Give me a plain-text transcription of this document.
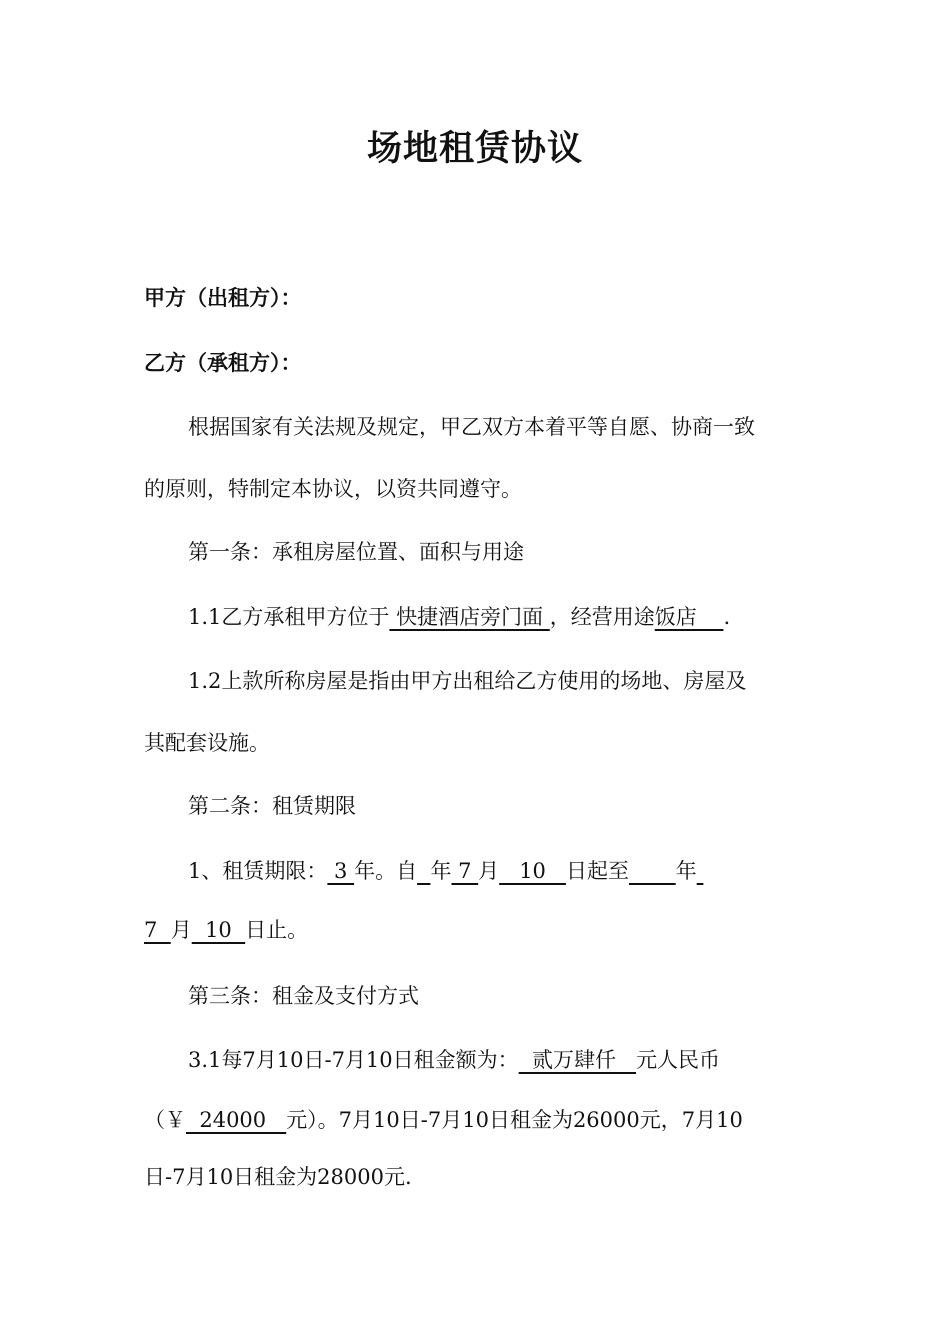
场地租赁协议
甲方（出租方）：
乙方（承租方）：
根据国家有关法规及规定，甲乙双方本着平等自愿、协商一致
的原则，特制定本协议，以资共同遵守。
第一条：承租房屋位置、面积与用途
1.1乙方承租甲方位于 快捷酒店旁门面 ，经营用途饭店    .
1.2上款所称房屋是指由甲方出租给乙方使用的场地、房屋及
其配套设施。
第二条：租赁期限
1、租赁期限： 3 年。自 年 7 月   10   日起至 年
7  月  10  日止。
第三条：租金及支付方式
3.1每7月10日-7月10日租金额为：  贰万肆仟   元人民币
（￥  24000   元）。7月10日-7月10日租金为26000元，7月10
日-7月10日租金为28000元.
